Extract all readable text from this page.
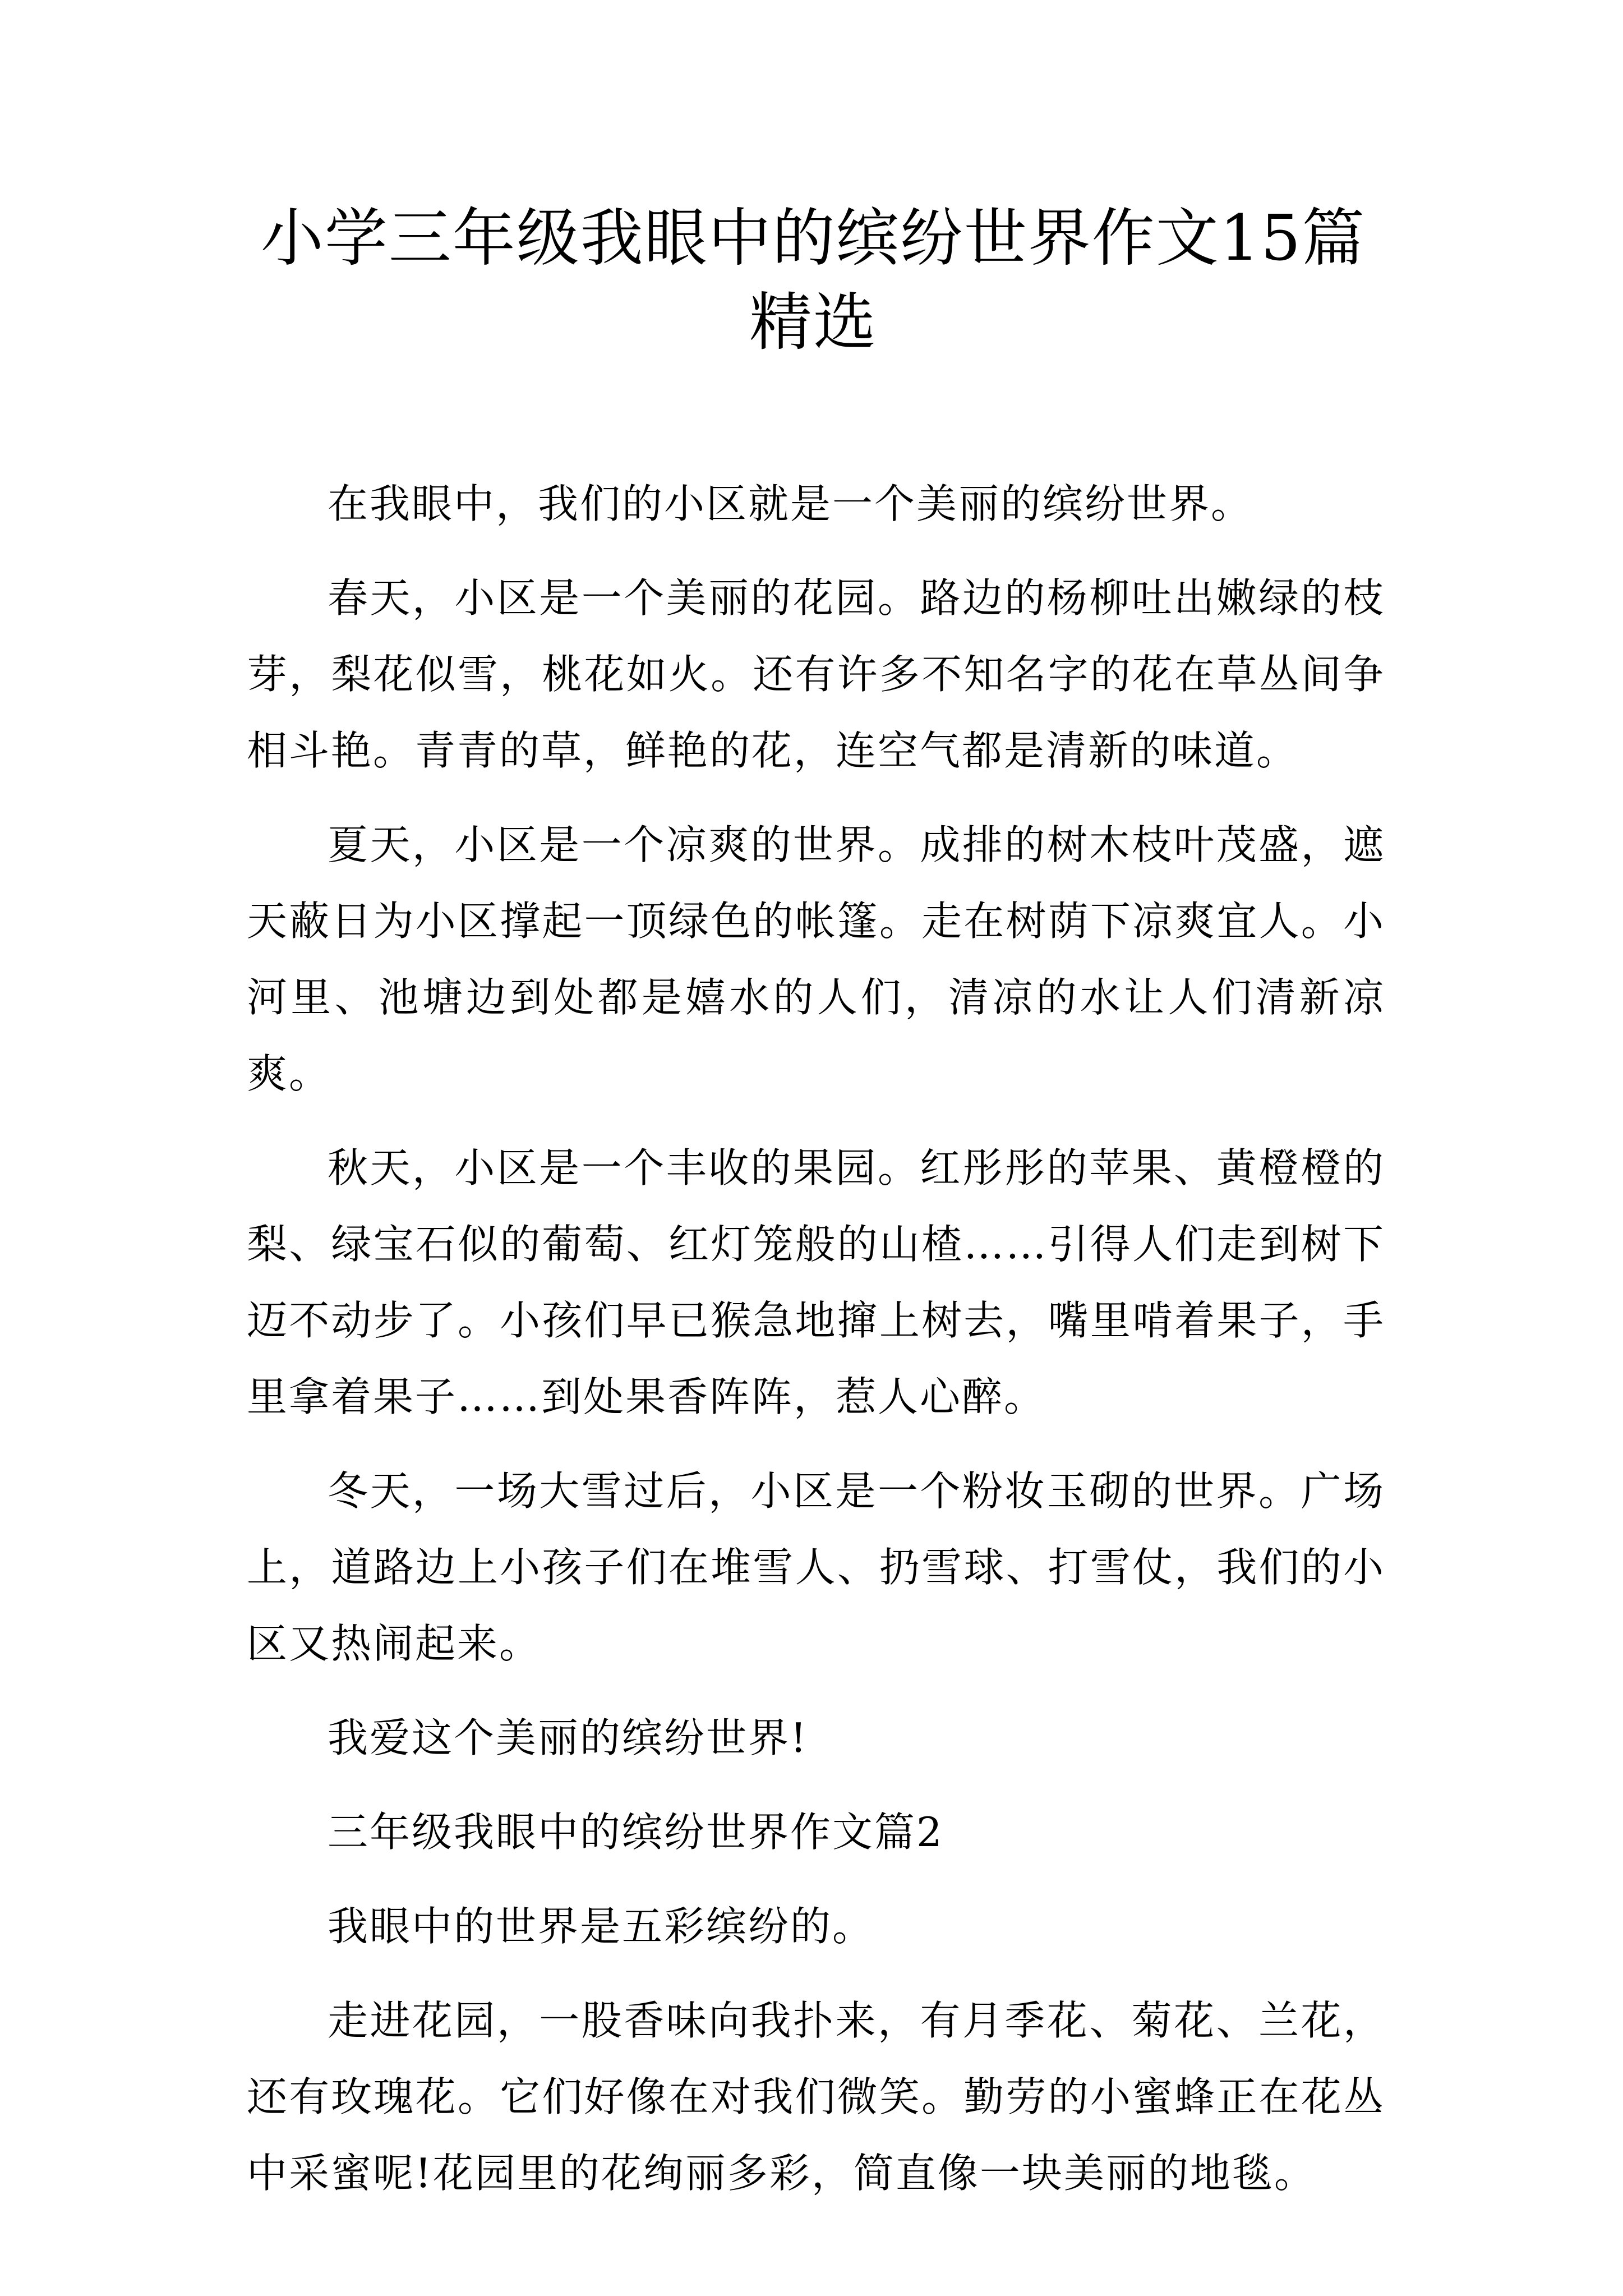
小学三年级我眼中的缤纷世界作文15篇精选

在我眼中，我们的小区就是一个美丽的缤纷世界。

春天，小区是一个美丽的花园。路边的杨柳吐出嫩绿的枝芽，梨花似雪，桃花如火。还有许多不知名字的花在草丛间争相斗艳。青青的草，鲜艳的花，连空气都是清新的味道。

夏天，小区是一个凉爽的世界。成排的树木枝叶茂盛，遮天蔽日为小区撑起一顶绿色的帐篷。走在树荫下凉爽宜人。小河里、池塘边到处都是嬉水的人们，清凉的水让人们清新凉爽。

秋天，小区是一个丰收的果园。红彤彤的苹果、黄橙橙的梨、绿宝石似的葡萄、红灯笼般的山楂……引得人们走到树下迈不动步了。小孩们早已猴急地撺上树去，嘴里啃着果子，手里拿着果子……到处果香阵阵，惹人心醉。

冬天，一场大雪过后，小区是一个粉妆玉砌的世界。广场上，道路边上小孩子们在堆雪人、扔雪球、打雪仗，我们的小区又热闹起来。

我爱这个美丽的缤纷世界!

三年级我眼中的缤纷世界作文篇2

我眼中的世界是五彩缤纷的。

走进花园，一股香味向我扑来，有月季花、菊花、兰花，还有玫瑰花。它们好像在对我们微笑。勤劳的小蜜蜂正在花丛中采蜜呢!花园里的花绚丽多彩，简直像一块美丽的地毯。
